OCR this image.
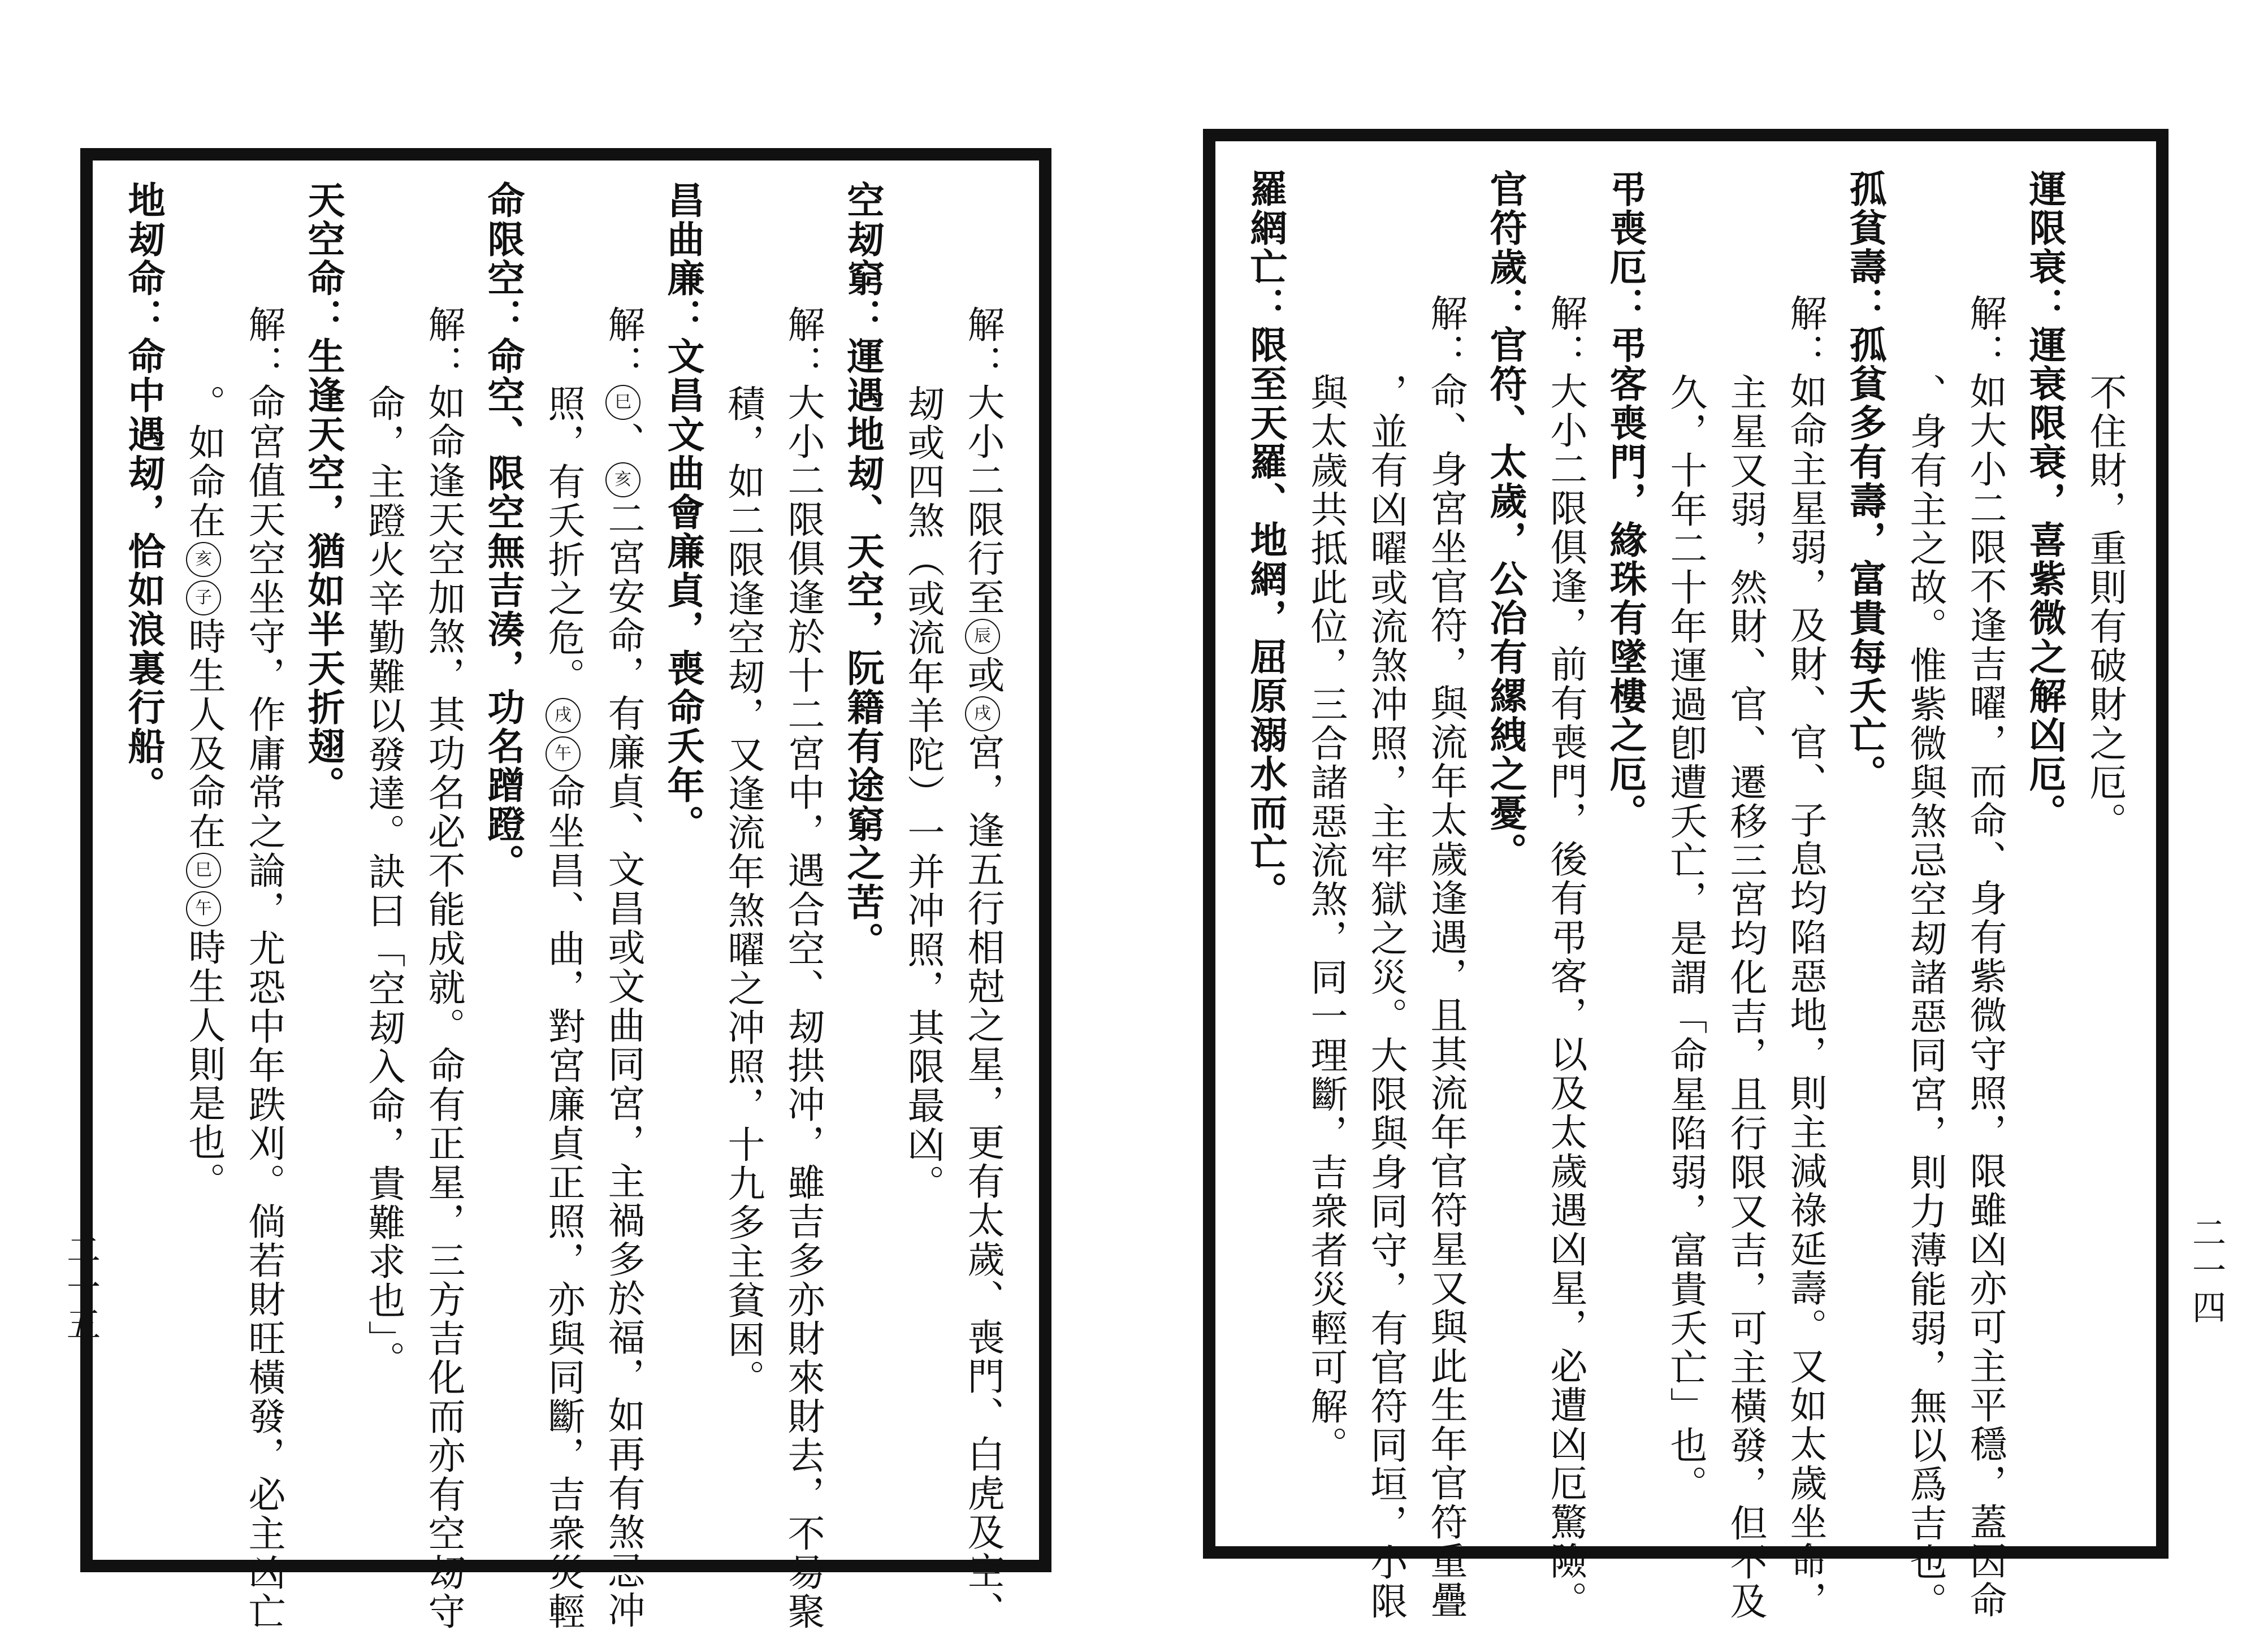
解：大小二限行至辰或戌宮，逢五行相尅之星，更有太歲、喪門、白虎及空、
刼或四煞（或流年羊陀）一并冲照，其限最凶。
空刼窮：運遇地刼、天空，阮籍有途窮之苦。
解：大小二限俱逢於十二宮中，遇合空、刼拱冲，雖吉多亦財來財去，不易聚
積，如二限逢空刼，又逢流年煞曜之冲照，十九多主貧困。
昌曲廉：文昌文曲會廉貞，喪命夭年。
解：巳、亥二宮安命，有廉貞、文昌或文曲同宮，主禍多於福，如再有煞忌冲
照，有夭折之危。戌午命坐昌、曲，對宮廉貞正照，亦與同斷，吉衆災輕
命限空：命空、限空無吉湊，功名蹭蹬。
解：如命逢天空加煞，其功名必不能成就。命有正星，三方吉化而亦有空刼守
命，主蹬火辛勤難以發達。訣曰「空刼入命，貴難求也」。
天空命：生逢天空，猶如半天折翅。
解：命宮值天空坐守，作庸常之論，尤恐中年跌刈。倘若財旺橫發，必主凶亡
。如命在亥子時生人及命在巳午時生人則是也。
地刼命：命中遇刼，恰如浪裏行船。
二一五
不住財，重則有破財之厄。
運限衰：運衰限衰，喜紫微之解凶厄。
解：如大小二限不逢吉曜，而命、身有紫微守照，限雖凶亦可主平穩，蓋因命
、身有主之故。惟紫微與煞忌空刼諸惡同宮，則力薄能弱，無以爲吉也。
孤貧壽：孤貧多有壽，富貴每夭亡。
解：如命主星弱，及財、官、子息均陷惡地，則主減祿延壽。又如太歲坐命，
主星又弱，然財、官、遷移三宮均化吉，且行限又吉，可主橫發，但不及
久，十年二十年運過卽遭夭亡，是謂「命星陷弱，富貴夭亡」也。
弔喪厄：弔客喪門，緣珠有墜樓之厄。
解：大小二限俱逢，前有喪門，後有弔客，以及太歲遇凶星，必遭凶厄驚險。
官符歲：官符、太歲，公冶有縲絏之憂。
解：命、身宮坐官符，與流年太歲逢遇，且其流年官符星又與此生年官符重疊
，並有凶曜或流煞冲照，主牢獄之災。大限與身同守，有官符同垣，小限
與太歲共抵此位，三合諸惡流煞，同一理斷，吉衆者災輕可解。
羅網亡：限至天羅、地網，屈原溺水而亡。
二一四
